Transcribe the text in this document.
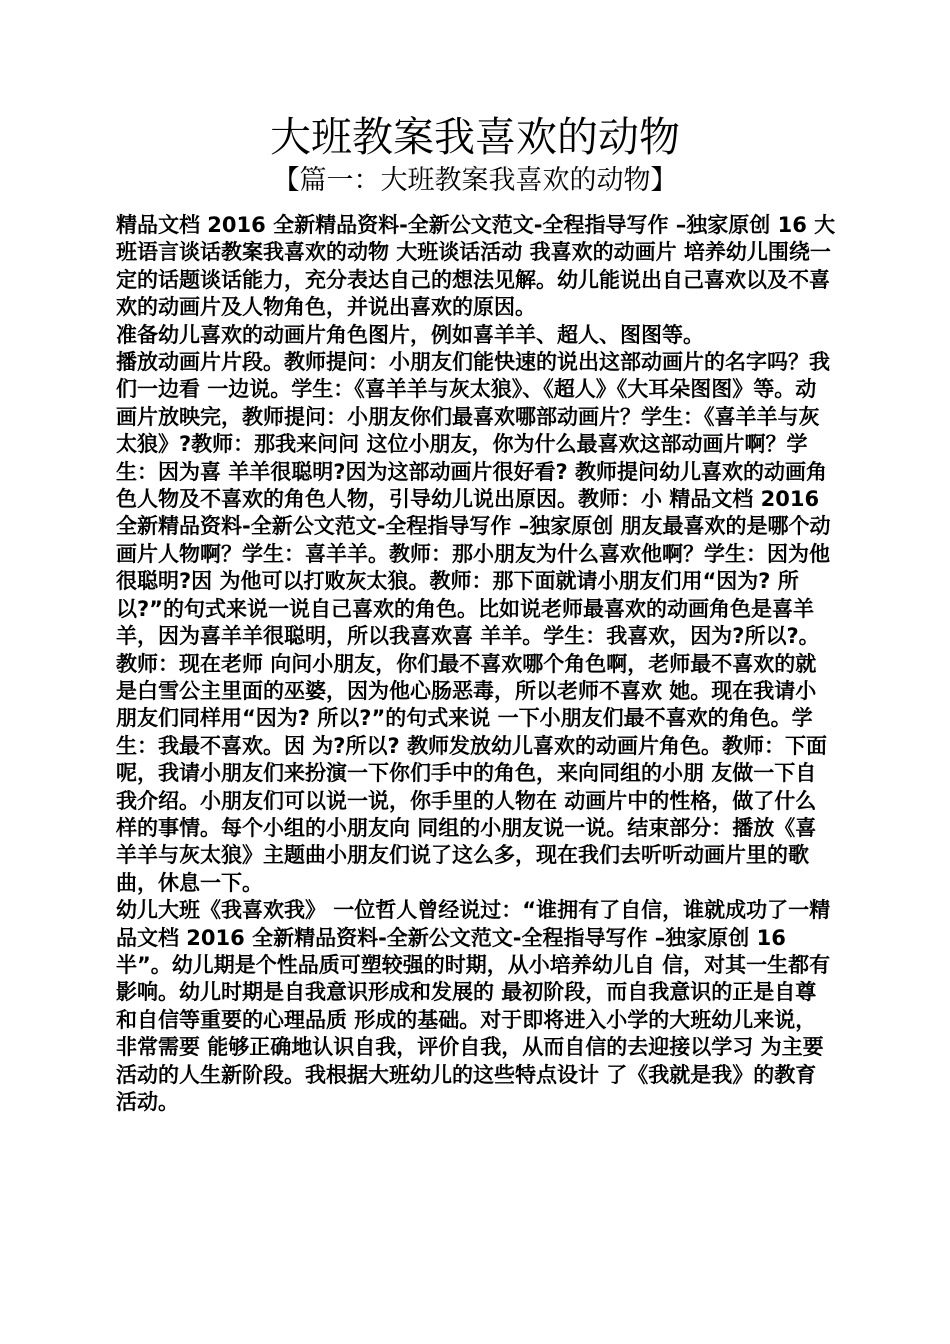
大班教案我喜欢的动物
【篇一：大班教案我喜欢的动物】

精品文档 2016 全新精品资料-全新公文范文-全程指导写作 –独家原创 16 大班语言谈话教案我喜欢的动物 大班谈话活动 我喜欢的动画片 培养幼儿围绕一定的话题谈话能力，充分表达自己的想法见解。幼儿能说出自己喜欢以及不喜欢的动画片及人物角色，并说出喜欢的原因。

准备幼儿喜欢的动画片角色图片，例如喜羊羊、超人、图图等。

播放动画片片段。教师提问：小朋友们能快速的说出这部动画片的名字吗？我们一边看 一边说。学生：《喜羊羊与灰太狼》、《超人》《大耳朵图图》等。动画片放映完，教师提问：小朋友你们最喜欢哪部动画片？学生：《喜羊羊与灰太狼》?教师：那我来问问 这位小朋友，你为什么最喜欢这部动画片啊？学生：因为喜 羊羊很聪明?因为这部动画片很好看? 教师提问幼儿喜欢的动画角色人物及不喜欢的角色人物，引导幼儿说出原因。教师：小 精品文档 2016 全新精品资料-全新公文范文-全程指导写作 –独家原创 朋友最喜欢的是哪个动画片人物啊？学生：喜羊羊。教师：那小朋友为什么喜欢他啊？学生：因为他很聪明?因 为他可以打败灰太狼。教师：那下面就请小朋友们用“因为? 所以?”的句式来说一说自己喜欢的角色。比如说老师最喜欢的动画角色是喜羊羊，因为喜羊羊很聪明，所以我喜欢喜 羊羊。学生：我喜欢，因为?所以?。教师：现在老师 向问小朋友，你们最不喜欢哪个角色啊，老师最不喜欢的就 是白雪公主里面的巫婆，因为他心肠恶毒，所以老师不喜欢 她。现在我请小朋友们同样用“因为? 所以?”的句式来说 一下小朋友们最不喜欢的角色。学生：我最不喜欢。因 为?所以? 教师发放幼儿喜欢的动画片角色。教师：下面呢，我请小朋友们来扮演一下你们手中的角色，来向同组的小朋 友做一下自我介绍。小朋友们可以说一说，你手里的人物在 动画片中的性格，做了什么样的事情。每个小组的小朋友向 同组的小朋友说一说。结束部分：播放《喜羊羊与灰太狼》主题曲小朋友们说了这么多，现在我们去听听动画片里的歌曲，休息一下。

幼儿大班《我喜欢我》 一位哲人曾经说过：“谁拥有了自信，谁就成功了一精品文档 2016 全新精品资料-全新公文范文-全程指导写作 –独家原创 16 半”。幼儿期是个性品质可塑较强的时期，从小培养幼儿自 信，对其一生都有影响。幼儿时期是自我意识形成和发展的 最初阶段，而自我意识的正是自尊和自信等重要的心理品质 形成的基础。对于即将进入小学的大班幼儿来说，非常需要 能够正确地认识自我，评价自我，从而自信的去迎接以学习 为主要活动的人生新阶段。我根据大班幼儿的这些特点设计 了《我就是我》的教育活动。
